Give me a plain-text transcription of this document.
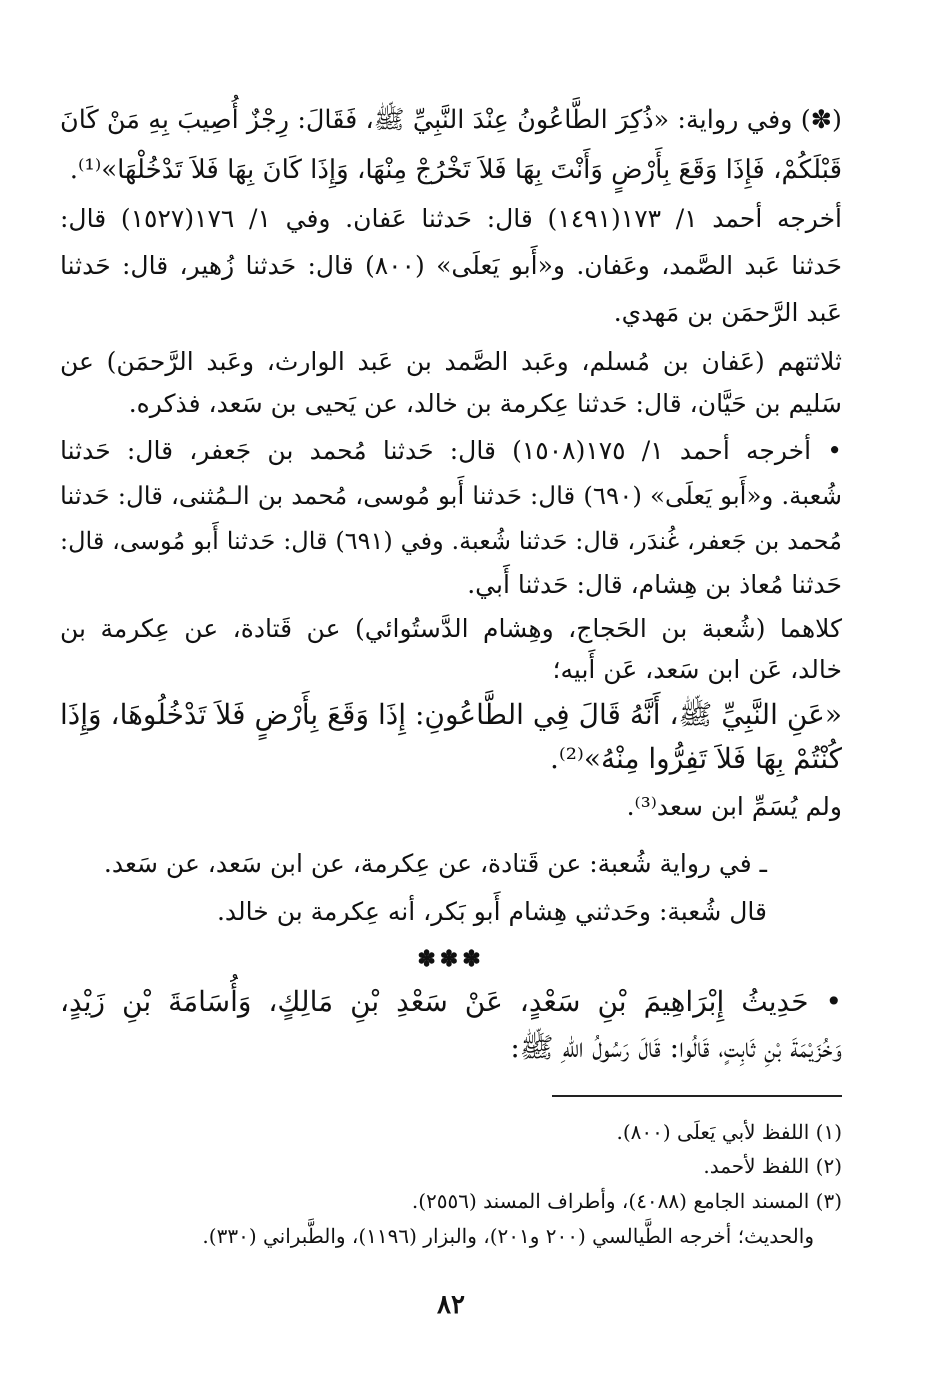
(✽) وفي رواية: «ذُكِرَ الطَّاعُونُ عِنْدَ النَّبِيِّ ﷺ، فَقَالَ: رِجْزٌ أُصِيبَ بِهِ مَنْ كَانَ
قَبْلَكُمْ، فَإِذَا وَقَعَ بِأَرْضٍ وَأَنْتَ بِهَا فَلاَ تَخْرُجْ مِنْهَا، وَإِذَا كَانَ بِهَا فَلاَ تَدْخُلْهَا»⁽¹⁾.
أخرجه أحمد ١/ ١٧٣(١٤٩١) قال: حَدثنا عَفان. وفي ١/ ١٧٦(١٥٢٧) قال:
حَدثنا عَبد الصَّمد، وعَفان. و«أَبو يَعلَى» (٨٠٠) قال: حَدثنا زُهير، قال: حَدثنا
عَبد الرَّحمَن بن مَهدي.
ثلاثتهم (عَفان بن مُسلم، وعَبد الصَّمد بن عَبد الوارث، وعَبد الرَّحمَن) عن
سَليم بن حَيَّان، قال: حَدثنا عِكرمة بن خالد، عن يَحيى بن سَعد، فذكره.
• أخرجه أحمد ١/ ١٧٥(١٥٠٨) قال: حَدثنا مُحمد بن جَعفر، قال: حَدثنا
شُعبة. و«أَبو يَعلَى» (٦٩٠) قال: حَدثنا أَبو مُوسى، مُحمد بن الـمُثنى، قال: حَدثنا
مُحمد بن جَعفر، غُندَر، قال: حَدثنا شُعبة. وفي (٦٩١) قال: حَدثنا أَبو مُوسى، قال:
حَدثنا مُعاذ بن هِشام، قال: حَدثنا أَبي.
كلاهما (شُعبة بن الحَجاج، وهِشام الدَّستُوائي) عن قَتادة، عن عِكرمة بن
خالد، عَن ابن سَعد، عَن أَبيه؛
«عَنِ النَّبِيِّ ﷺ، أَنَّهُ قَالَ فِي الطَّاعُونِ: إِذَا وَقَعَ بِأَرْضٍ فَلاَ تَدْخُلُوهَا، وَإِذَا
كُنْتُمْ بِهَا فَلاَ تَفِرُّوا مِنْهُ»⁽²⁾.
ولم يُسَمِّ ابن سعد⁽³⁾.
ـ في رواية شُعبة: عن قَتادة، عن عِكرمة، عن ابن سَعد، عن سَعد.
قال شُعبة: وحَدثني هِشام أَبو بَكر، أنه عِكرمة بن خالد.
✽✽✽
• حَدِيثُ إِبْرَاهِيمَ بْنِ سَعْدٍ، عَنْ سَعْدِ بْنِ مَالِكٍ، وَأُسَامَةَ بْنِ زَيْدٍ،
وَخُزَيْمَةَ بْنِ ثَابِتٍ، قَالُوا: قَالَ رَسُولُ اللهِ ﷺ:
(١) اللفظ لأبي يَعلَى (٨٠٠).
(٢) اللفظ لأحمد.
(٣) المسند الجامع (٤٠٨٨)، وأطراف المسند (٢٥٥٦).
والحديث؛ أخرجه الطَّيالسي (٢٠٠ و٢٠١)، والبزار (١١٩٦)، والطَّبراني (٣٣٠).
٨٢
